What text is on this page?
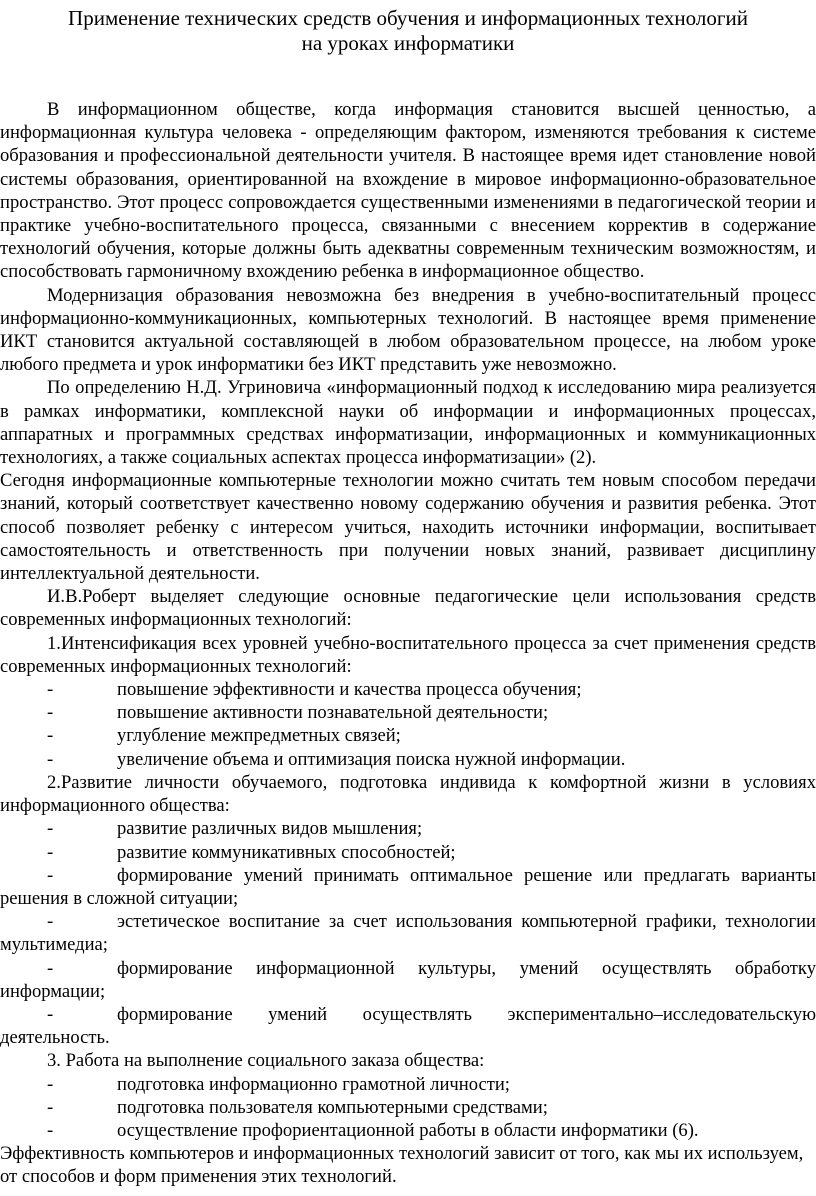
Применение технических средств обучения и информационных технологий
на уроках информатики

В информационном обществе, когда информация становится высшей ценностью, а информационная культура человека - определяющим фактором, изменяются требования к системе образования и профессиональной деятельности учителя. В настоящее время идет становление новой системы образования, ориентированной на вхождение в мировое информационно-образовательное пространство. Этот процесс сопровождается существенными изменениями в педагогической теории и практике учебно-воспитательного процесса, связанными с внесением корректив в содержание технологий обучения, которые должны быть адекватны современным техническим возможностям, и способствовать гармоничному вхождению ребенка в информационное общество.

Модернизация образования невозможна без внедрения в учебно-воспитательный процесс информационно-коммуникационных, компьютерных технологий. В настоящее время применение ИКТ становится актуальной составляющей в любом образовательном процессе, на любом уроке любого предмета и урок информатики без ИКТ представить уже невозможно.

По определению Н.Д. Угриновича «информационный подход к исследованию мира реализуется в рамках информатики, комплексной науки об информации и информационных процессах, аппаратных и программных средствах информатизации, информационных и коммуникационных технологиях, а также социальных аспектах процесса информатизации» (2).

Сегодня информационные компьютерные технологии можно считать тем новым способом передачи знаний, который соответствует качественно новому содержанию обучения и развития ребенка. Этот способ позволяет ребенку с интересом учиться, находить источники информации, воспитывает самостоятельность и ответственность при получении новых знаний, развивает дисциплину интеллектуальной деятельности.

И.В.Роберт выделяет следующие основные педагогические цели использования средств современных информационных технологий:

1.Интенсификация всех уровней учебно-воспитательного процесса за счет применения средств современных информационных технологий:

-	повышение эффективности и качества процесса обучения;
-	повышение активности познавательной деятельности;
-	углубление межпредметных связей;
-	увеличение объема и оптимизация поиска нужной информации.

2.Развитие личности обучаемого, подготовка индивида к комфортной жизни в условиях информационного общества:

-	развитие различных видов мышления;
-	развитие коммуникативных способностей;

-	формирование умений принимать оптимальное решение или предлагать варианты решения в сложной ситуации;

-	эстетическое воспитание за счет использования компьютерной графики, технологии мультимедиа;

-	формирование информационной культуры, умений осуществлять обработку информации;

-	формирование умений осуществлять экспериментально–исследовательскую деятельность.

3. Работа на выполнение социального заказа общества:

-	подготовка информационно грамотной личности;
-	подготовка пользователя компьютерными средствами;
-	осуществление профориентационной работы в области информатики (6).

Эффективность компьютеров и информационных технологий зависит от того, как мы их используем, от способов и форм применения этих технологий.
